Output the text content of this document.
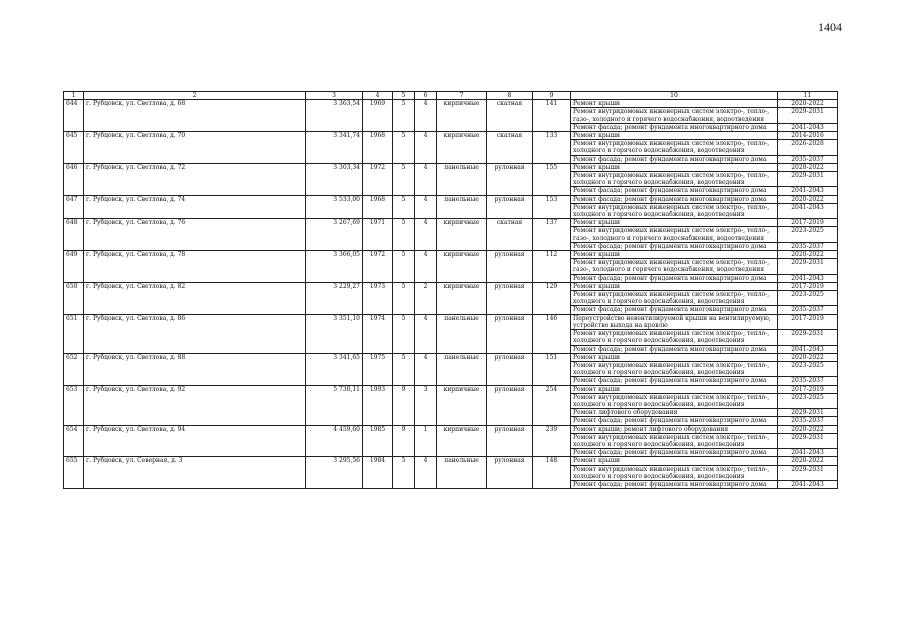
1404
1	2	3	4	5	6	7	8	9	10	11
644	г. Рубцовск, ул. Светлова, д. 68	3 363,54	1969	5	4	кирпичные	скатная	141	Ремонт крыши	2020-2022
									Ремонт внутридомовых инженерных систем электро-, тепло-, газо-, холодного и горячего водоснабжения, водоотведения	2029-2031
									Ремонт фасада; ремонт фундамента многоквартирного дома	2041-2043
645	г. Рубцовск, ул. Светлова, д. 70	3 341,74	1968	5	4	кирпичные	скатная	133	Ремонт крыши	2014-2016
									Ремонт внутридомовых инженерных систем электро-, тепло-, холодного и горячего водоснабжения, водоотведения	2026-2028
									Ремонт фасада; ремонт фундамента многоквартирного дома	2035-2037
646	г. Рубцовск, ул. Светлова, д. 72	3 303,34	1972	5	4	панельные	рулонная	155	Ремонт крыши	2020-2022
									Ремонт внутридомовых инженерных систем электро-, тепло-, холодного и горячего водоснабжения, водоотведения	2029-2031
									Ремонт фасада; ремонт фундамента многоквартирного дома	2041-2043
647	г. Рубцовск, ул. Светлова, д. 74	3 533,00	1968	5	4	панельные	рулонная	153	Ремонт фасада; ремонт фундамента многоквартирного дома	2020-2022
									Ремонт внутридомовых инженерных систем электро-, тепло-, холодного и горячего водоснабжения, водоотведения	2041-2043
648	г. Рубцовск, ул. Светлова, д. 76	3 267,69	1971	5	4	кирпичные	скатная	137	Ремонт крыши	2017-2019
									Ремонт внутридомовых инженерных систем электро-, тепло-, газо-, холодного и горячего водоснабжения, водоотведения	2023-2025
									Ремонт фасада; ремонт фундамента многоквартирного дома	2035-2037
649	г. Рубцовск, ул. Светлова, д. 78	3 366,05	1972	5	4	кирпичные	рулонная	112	Ремонт крыши	2020-2022
									Ремонт внутридомовых инженерных систем электро-, тепло-, газо-, холодного и горячего водоснабжения, водоотведения	2029-2031
									Ремонт фасада; ремонт фундамента многоквартирного дома	2041-2043
650	г. Рубцовск, ул. Светлова, д. 82	3 229,27	1973	5	2	кирпичные	рулонная	129	Ремонт крыши	2017-2019
									Ремонт внутридомовых инженерных систем электро-, тепло-, холодного и горячего водоснабжения, водоотведения	2023-2025
									Ремонт фасада; ремонт фундамента многоквартирного дома	2035-2037
651	г. Рубцовск, ул. Светлова, д. 86	3 351,10	1974	5	4	панельные	рулонная	146	Переустройство невентилируемой крыши на вентилируемую, устройство выхода на кровлю	2017-2019
									Ремонт внутридомовых инженерных систем электро-, тепло-, холодного и горячего водоснабжения, водоотведения	2029-2031
									Ремонт фасада; ремонт фундамента многоквартирного дома	2041-2043
652	г. Рубцовск, ул. Светлова, д. 88	3 341,65	1975	5	4	панельные	рулонная	151	Ремонт крыши	2020-2022
									Ремонт внутридомовых инженерных систем электро-, тепло-, холодного и горячего водоснабжения, водоотведения	2023-2025
									Ремонт фасада; ремонт фундамента многоквартирного дома	2035-2037
653	г. Рубцовск, ул. Светлова, д. 92	5 730,11	1993	9	3	кирпичные	рулонная	254	Ремонт крыши	2017-2019
									Ремонт внутридомовых инженерных систем электро-, тепло-, холодного и горячего водоснабжения, водоотведения	2023-2025
									Ремонт лифтового оборудования	2029-2031
									Ремонт фасада; ремонт фундамента многоквартирного дома	2035-2037
654	г. Рубцовск, ул. Светлова, д. 94	4 459,60	1985	9	1	кирпичные	рулонная	239	Ремонт крыши; ремонт лифтового оборудования	2020-2022
									Ремонт внутридомовых инженерных систем электро-, тепло-, холодного и горячего водоснабжения, водоотведения	2029-2031
									Ремонт фасада; ремонт фундамента многоквартирного дома	2041-2043
655	г. Рубцовск, ул. Северная, д. 3	3 295,56	1984	5	4	панельные	рулонная	148	Ремонт крыши	2020-2022
									Ремонт внутридомовых инженерных систем электро-, тепло-, холодного и горячего водоснабжения, водоотведения	2029-2031
									Ремонт фасада; ремонт фундамента многоквартирного дома	2041-2043
